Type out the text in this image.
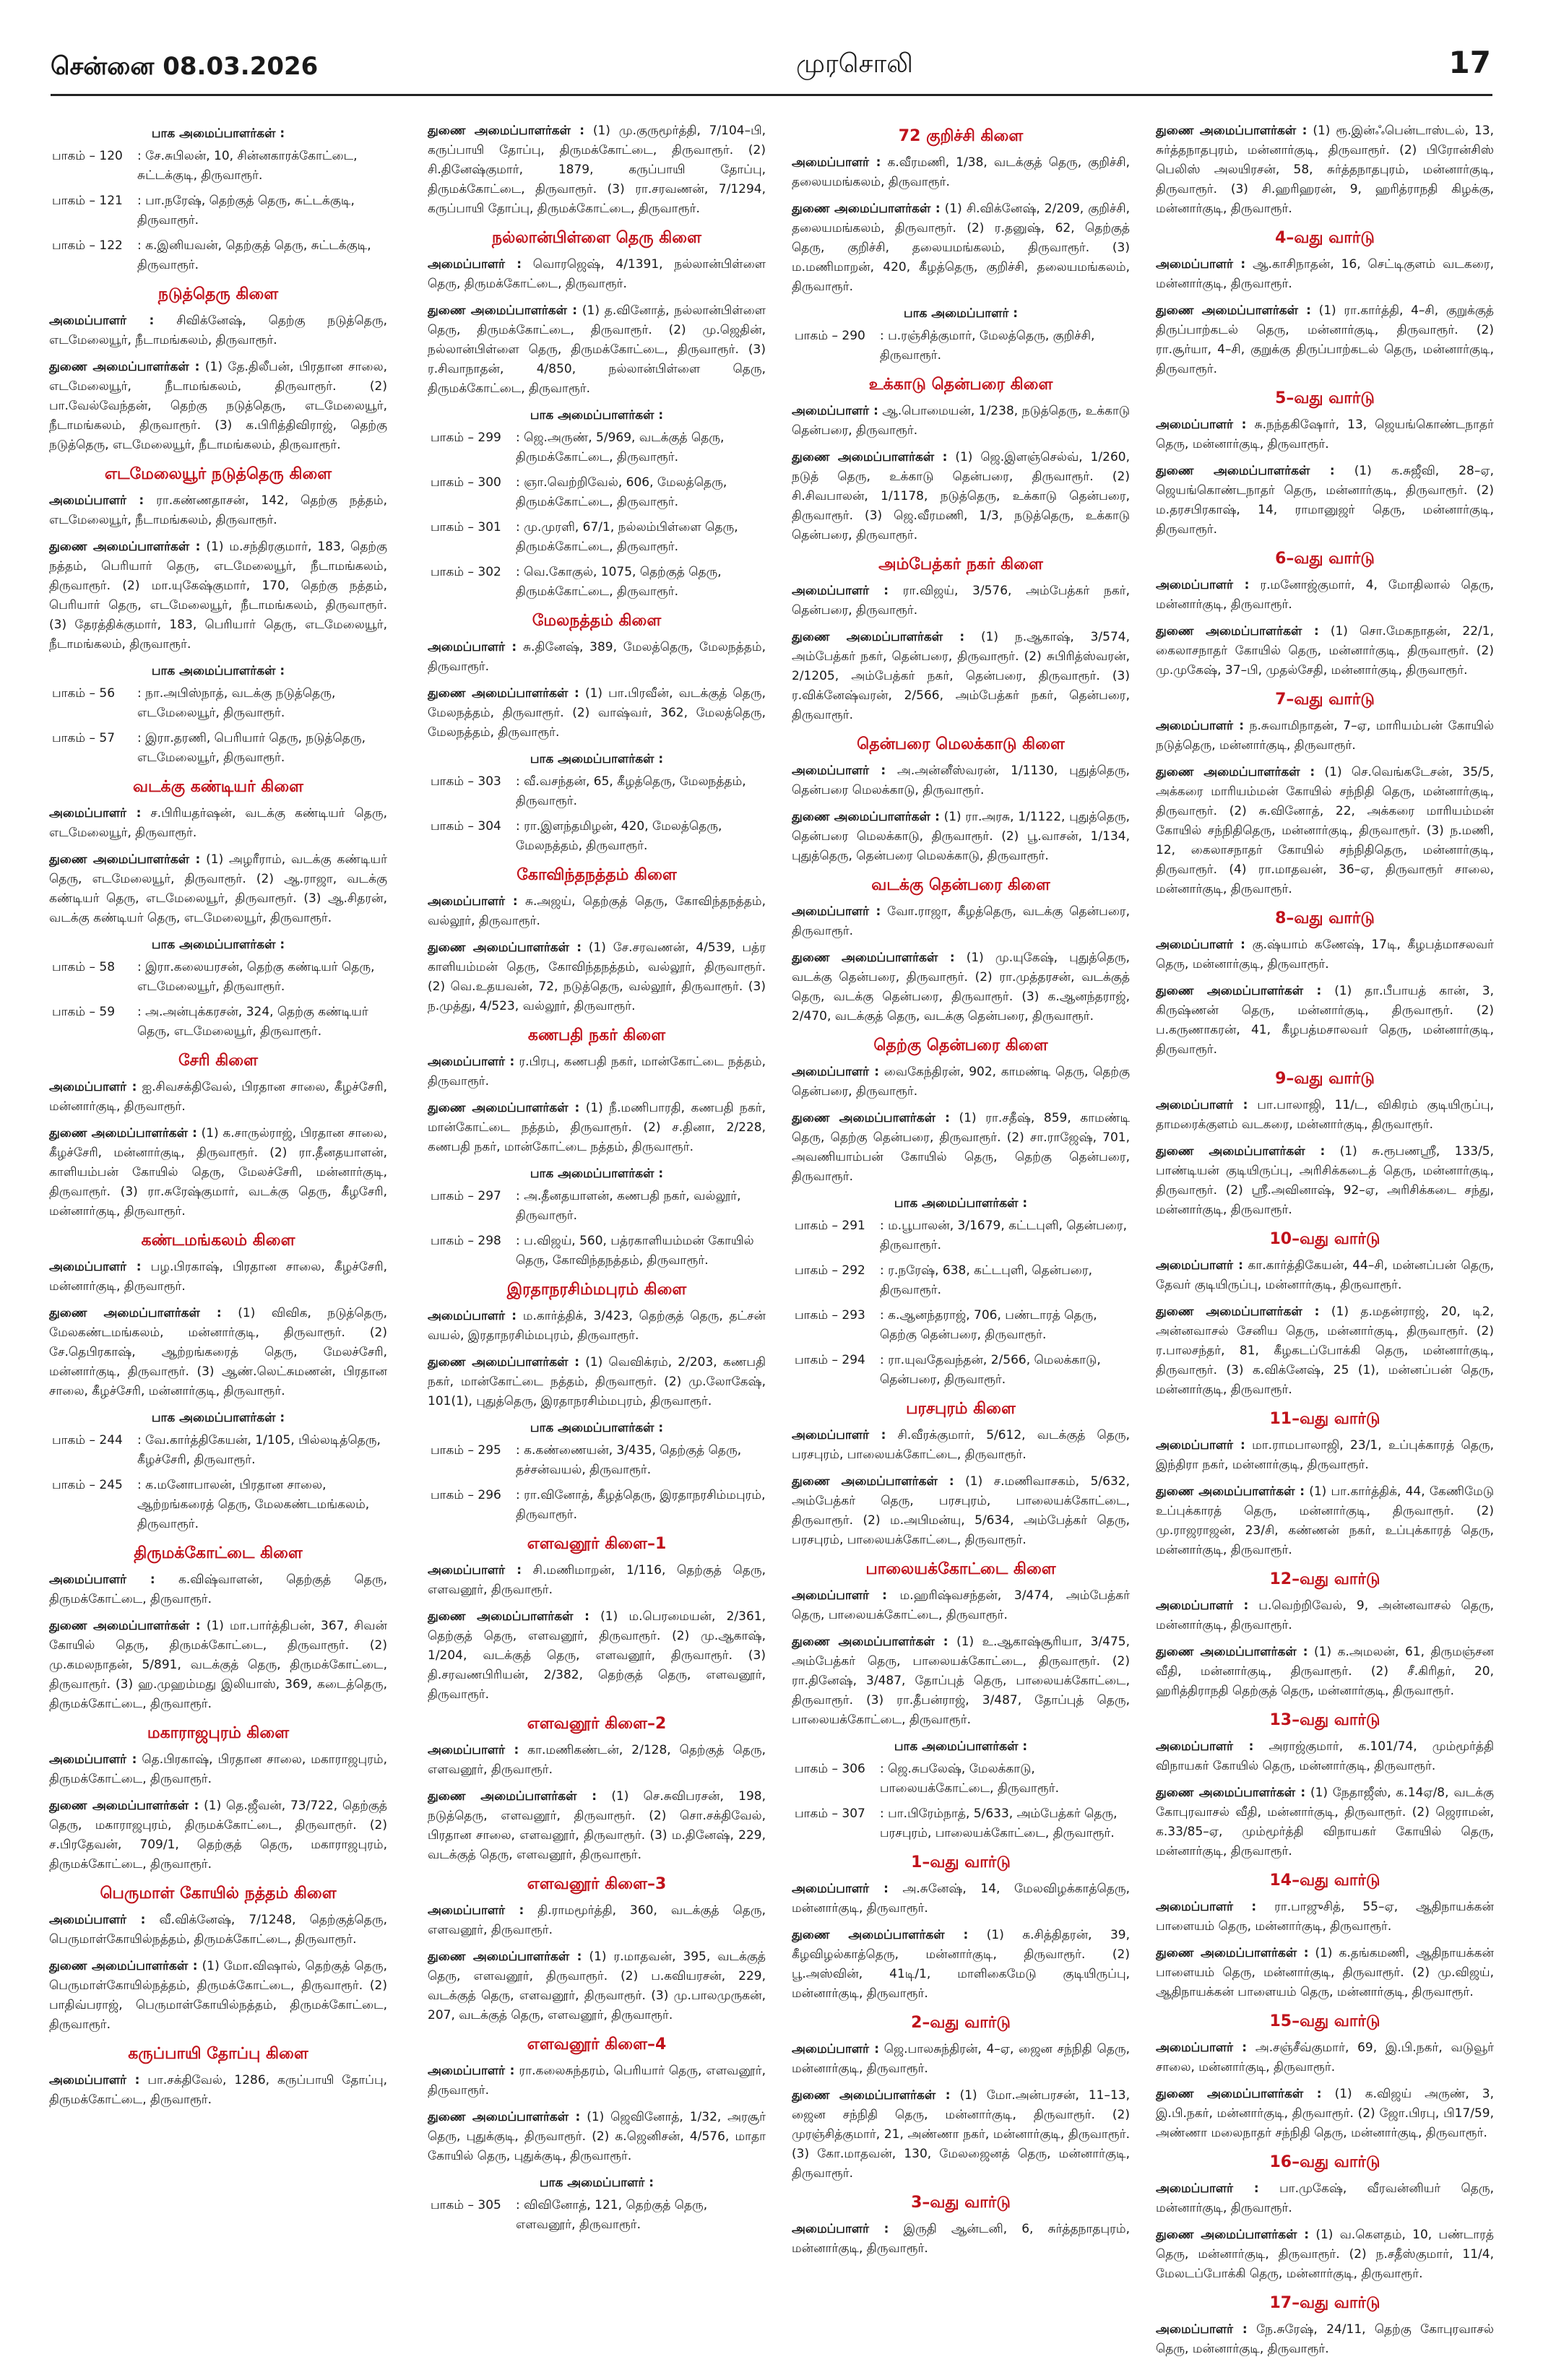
சென்னை 08.03.2026	முரசொலி	17
பாக அமைப்பாளர்கள் :
பாகம் – 120	: சே.சுபிலன், 10, சின்னகாரக்கோட்டை, சுட்டக்குடி, திருவாரூர்.
பாகம் – 121	: பா.நரேஷ், தெற்குத் தெரு, சுட்டக்குடி, திருவாரூர்.
பாகம் – 122	: க.இனியவன், தெற்குத் தெரு, சுட்டக்குடி, திருவாரூர்.
நடுத்தெரு கிளை

அமைப்பாளர் : சிவிக்னேஷ், தெற்கு நடுத்தெரு, எடமேலையூர், நீடாமங்கலம், திருவாரூர்.

துணை அமைப்பாளர்கள் : (1) தே.திலீபன், பிரதான சாலை, எடமேலையூர், நீடாமங்கலம், திருவாரூர். (2) பா.வேல்வேந்தன், தெற்கு நடுத்தெரு, எடமேலையூர், நீடாமங்கலம், திருவாரூர். (3) க.பிரித்திவிராஜ், தெற்கு நடுத்தெரு, எடமேலையூர், நீடாமங்கலம், திருவாரூர்.

எடமேலையூர் நடுத்தெரு கிளை

அமைப்பாளர் : ரா.கண்ணதாசன், 142, தெற்கு நத்தம், எடமேலையூர், நீடாமங்கலம், திருவாரூர்.

துணை அமைப்பாளர்கள் : (1) ம.சந்திரகுமார், 183, தெற்கு நத்தம், பெரியார் தெரு, எடமேலையூர், நீடாமங்கலம், திருவாரூர். (2) மா.யுகேஷ்குமார், 170, தெற்கு நத்தம், பெரியார் தெரு, எடமேலையூர், நீடாமங்கலம், திருவாரூர். (3) தேரத்திக்குமார், 183, பெரியார் தெரு, எடமேலையூர், நீடாமங்கலம், திருவாரூர்.

பாக அமைப்பாளர்கள் :
பாகம் – 56	: நா.அபிஸ்நாத், வடக்கு நடுத்தெரு, எடமேலையூர், திருவாரூர்.
பாகம் – 57	: இரா.தரணி, பெரியார் தெரு, நடுத்தெரு, எடமேலையூர், திருவாரூர்.
வடக்கு கண்டியர் கிளை

அமைப்பாளர் : ச.பிரியதர்ஷன், வடக்கு கண்டியர் தெரு, எடமேலையூர், திருவாரூர்.

துணை அமைப்பாளர்கள் : (1) அழரீராம், வடக்கு கண்டியர் தெரு, எடமேலையூர், திருவாரூர். (2) ஆ.ராஜா, வடக்கு கண்டியர் தெரு, எடமேலையூர், திருவாரூர். (3) ஆ.சிதரன், வடக்கு கண்டியர் தெரு, எடமேலையூர், திருவாரூர்.

பாக அமைப்பாளர்கள் :
பாகம் – 58	: இரா.கலையரசன், தெற்கு கண்டியர் தெரு, எடமேலையூர், திருவாரூர்.
பாகம் – 59	: அ.அன்புக்கரசன், 324, தெற்கு கண்டியர் தெரு, எடமேலையூர், திருவாரூர்.
சேரி கிளை

அமைப்பாளர் : ஐ.சிவசக்திவேல், பிரதான சாலை, கீழச்சேரி, மன்னார்குடி, திருவாரூர்.

துணை அமைப்பாளர்கள் : (1) க.சாருல்ராஜ், பிரதான சாலை, கீழச்சேரி, மன்னார்குடி, திருவாரூர். (2) ரா.தீனதயாளன், காளியம்பன் கோயில் தெரு, மேலச்சேரி, மன்னார்குடி, திருவாரூர். (3) ரா.சுரேஷ்குமார், வடக்கு தெரு, கீழசேரி, மன்னார்குடி, திருவாரூர்.

கண்டமங்கலம் கிளை

அமைப்பாளர் : பழ.பிரகாஷ், பிரதான சாலை, கீழச்சேரி, மன்னார்குடி, திருவாரூர்.

துணை அமைப்பாளர்கள் : (1) விவிக, நடுத்தெரு, மேலகண்டமங்கலம், மன்னார்குடி, திருவாரூர். (2) சே.தெபிரகாஷ், ஆற்றங்கரைத் தெரு, மேலச்சேரி, மன்னார்குடி, திருவாரூர். (3) ஆண்.லெட்சுமணன், பிரதான சாலை, கீழச்சேரி, மன்னார்குடி, திருவாரூர்.

பாக அமைப்பாளர்கள் :
பாகம் – 244	: வே.கார்த்திகேயன், 1/105, பில்லடித்தெரு, கீழச்சேரி, திருவாரூர்.
பாகம் – 245	: க.மனோபாலன், பிரதான சாலை, ஆற்றங்கரைத் தெரு, மேலகண்டமங்கலம், திருவாரூர்.
திருமக்கோட்டை கிளை

அமைப்பாளர் : க.விஷ்வாளன், தெற்குத் தெரு, திருமக்கோட்டை, திருவாரூர்.

துணை அமைப்பாளர்கள் : (1) மா.பார்த்திபன், 367, சிவன் கோயில் தெரு, திருமக்கோட்டை, திருவாரூர். (2) மு.கமலநாதன், 5/891, வடக்குத் தெரு, திருமக்கோட்டை, திருவாரூர். (3) ஹ.முஹம்மது இலியாஸ், 369, கடைத்தெரு, திருமக்கோட்டை, திருவாரூர்.

மகாராஜபுரம் கிளை

அமைப்பாளர் : தெ.பிரகாஷ், பிரதான சாலை, மகாராஜபுரம், திருமக்கோட்டை, திருவாரூர்.

துணை அமைப்பாளர்கள் : (1) தெ.ஜீவன், 73/722, தெற்குத் தெரு, மகாராஜபுரம், திருமக்கோட்டை, திருவாரூர். (2) ச.பிரதேவன், 709/1, தெற்குத் தெரு, மகாராஜபுரம், திருமக்கோட்டை, திருவாரூர்.

பெருமாள் கோயில் நத்தம் கிளை

அமைப்பாளர் : வீ.விக்னேஷ், 7/1248, தெற்குத்தெரு, பெருமாள்கோயில்நத்தம், திருமக்கோட்டை, திருவாரூர்.

துணை அமைப்பாளர்கள் : (1) மோ.விஷால், தெற்குத் தெரு, பெருமாள்கோயில்நத்தம், திருமக்கோட்டை, திருவாரூர். (2) பாதிவ்பராஜ், பெருமாள்கோயில்நத்தம், திருமக்கோட்டை, திருவாரூர்.

கருப்பாயி தோப்பு கிளை

அமைப்பாளர் : பா.சக்திவேல், 1286, கருப்பாயி தோப்பு, திருமக்கோட்டை, திருவாரூர்.

துணை அமைப்பாளர்கள் : (1) மு.குருமூர்த்தி, 7/104–பி, கருப்பாயி தோப்பு, திருமக்கோட்டை, திருவாரூர். (2) சி.தினேஷ்குமார், 1879, கருப்பாயி தோப்பு, திருமக்கோட்டை, திருவாரூர். (3) ரா.சரவணன், 7/1294, கருப்பாயி தோப்பு, திருமக்கோட்டை, திருவாரூர்.

நல்லான்பிள்ளை தெரு கிளை

அமைப்பாளர் : வொரஜெஷ், 4/1391, நல்லான்பிள்ளை தெரு, திருமக்கோட்டை, திருவாரூர்.

துணை அமைப்பாளர்கள் : (1) த.வினோத், நல்லான்பிள்ளை தெரு, திருமக்கோட்டை, திருவாரூர். (2) மு.ஜெதின், நல்லான்பிள்ளை தெரு, திருமக்கோட்டை, திருவாரூர். (3) ர.சிவாநாதன், 4/850, நல்லான்பிள்ளை தெரு, திருமக்கோட்டை, திருவாரூர்.

பாக அமைப்பாளர்கள் :
பாகம் – 299	: ஜெ.அருண், 5/969, வடக்குத் தெரு, திருமக்கோட்டை, திருவாரூர்.
பாகம் – 300	: ஞா.வெற்றிவேல், 606, மேலத்தெரு, திருமக்கோட்டை, திருவாரூர்.
பாகம் – 301	: மு.முரளி, 67/1, நல்லம்பிள்ளை தெரு, திருமக்கோட்டை, திருவாரூர்.
பாகம் – 302	: வெ.கோகுல், 1075, தெற்குத் தெரு, திருமக்கோட்டை, திருவாரூர்.
மேலநத்தம் கிளை

அமைப்பாளர் : சு.தினேஷ், 389, மேலத்தெரு, மேலநத்தம், திருவாரூர்.

துணை அமைப்பாளர்கள் : (1) பா.பிரவீன், வடக்குத் தெரு, மேலநத்தம், திருவாரூர். (2) வாஷ்வர், 362, மேலத்தெரு, மேலநத்தம், திருவாரூர்.

பாக அமைப்பாளர்கள் :
பாகம் – 303	: வீ.வசந்தன், 65, கீழத்தெரு, மேலநத்தம், திருவாரூர்.
பாகம் – 304	: ரா.இளந்தமிழன், 420, மேலத்தெரு, மேலநத்தம், திருவாரூர்.
கோவிந்தநத்தம் கிளை

அமைப்பாளர் : சு.அஜய், தெற்குத் தெரு, கோவிந்தநத்தம், வல்லூர், திருவாரூர்.

துணை அமைப்பாளர்கள் : (1) சே.சரவணன், 4/539, பத்ர காளியம்மன் தெரு, கோவிந்தநத்தம், வல்லூர், திருவாரூர். (2) வெ.உதயவன், 72, நடுத்தெரு, வல்லூர், திருவாரூர். (3) ந.முத்து, 4/523, வல்லூர், திருவாரூர்.

கணபதி நகர் கிளை

அமைப்பாளர் : ர.பிரபு, கணபதி நகர், மான்கோட்டை நத்தம், திருவாரூர்.

துணை அமைப்பாளர்கள் : (1) நீ.மணிபாரதி, கணபதி நகர், மான்கோட்டை நத்தம், திருவாரூர். (2) ச.தினா, 2/228, கணபதி நகர், மான்கோட்டை நத்தம், திருவாரூர்.

பாக அமைப்பாளர்கள் :
பாகம் – 297	: அ.தீனதயாளன், கணபதி நகர், வல்லூர், திருவாரூர்.
பாகம் – 298	: ப.விஜய், 560, பத்ரகாளியம்மன் கோயில் தெரு, கோவிந்தநத்தம், திருவாரூர்.
இரதாநரசிம்மபுரம் கிளை

அமைப்பாளர் : ம.கார்த்திக், 3/423, தெற்குத் தெரு, தட்சன் வயல், இரதாநரசிம்மபுரம், திருவாரூர்.

துணை அமைப்பாளர்கள் : (1) வெவிக்ரம், 2/203, கணபதி நகர், மான்கோட்டை நத்தம், திருவாரூர். (2) மு.லோகேஷ், 101(1), புதுத்தெரு, இரதாநரசிம்மபுரம், திருவாரூர்.

பாக அமைப்பாளர்கள் :
பாகம் – 295	: க.கண்ணையன், 3/435, தெற்குத் தெரு, தச்சன்வயல், திருவாரூர்.
பாகம் – 296	: ரா.வினோத், கீழத்தெரு, இரதாநரசிம்மபுரம், திருவாரூர்.
எளவனூர் கிளை–1

அமைப்பாளர் : சி.மணிமாறன், 1/116, தெற்குத் தெரு, எளவனூர், திருவாரூர்.

துணை அமைப்பாளர்கள் : (1) ம.பெரமையன், 2/361, தெற்குத் தெரு, எளவனூர், திருவாரூர். (2) மு.ஆகாஷ், 1/204, வடக்குத் தெரு, எளவனூர், திருவாரூர். (3) தி.சரவணபிரியன், 2/382, தெற்குத் தெரு, எளவனூர், திருவாரூர்.

எளவனூர் கிளை–2

அமைப்பாளர் : கா.மணிகண்டன், 2/128, தெற்குத் தெரு, எளவனூர், திருவாரூர்.

துணை அமைப்பாளர்கள் : (1) செ.சுவிபரசன், 198, நடுத்தெரு, எளவனூர், திருவாரூர். (2) சொ.சக்திவேல், பிரதான சாலை, எளவனூர், திருவாரூர். (3) ம.தினேஷ், 229, வடக்குத் தெரு, எளவனூர், திருவாரூர்.

எளவனூர் கிளை–3

அமைப்பாளர் : தி.ராமமூர்த்தி, 360, வடக்குத் தெரு, எளவனூர், திருவாரூர்.

துணை அமைப்பாளர்கள் : (1) ர.மாதவன், 395, வடக்குத் தெரு, எளவனூர், திருவாரூர். (2) ப.கவியரசன், 229, வடக்குத் தெரு, எளவனூர், திருவாரூர். (3) மு.பாலமுருகன், 207, வடக்குத் தெரு, எளவனூர், திருவாரூர்.

எளவனூர் கிளை–4

அமைப்பாளர் : ரா.கலைசுந்தரம், பெரியார் தெரு, எளவனூர், திருவாரூர்.

துணை அமைப்பாளர்கள் : (1) ஜெவினோத், 1/32, அரசூர் தெரு, புதுக்குடி, திருவாரூர். (2) க.ஜெனிசன், 4/576, மாதா கோயில் தெரு, புதுக்குடி, திருவாரூர்.

பாக அமைப்பாளர் :
பாகம் – 305	: விவினோத், 121, தெற்குத் தெரு, எளவனூர், திருவாரூர்.
72 குறிச்சி கிளை

அமைப்பாளர் : க.வீரமணி, 1/38, வடக்குத் தெரு, குறிச்சி, தலையமங்கலம், திருவாரூர்.

துணை அமைப்பாளர்கள் : (1) சி.விக்னேஷ், 2/209, குறிச்சி, தலையமங்கலம், திருவாரூர். (2) ர.தனுஷ், 62, தெற்குத் தெரு, குறிச்சி, தலையமங்கலம், திருவாரூர். (3) ம.மணிமாறன், 420, கீழத்தெரு, குறிச்சி, தலையமங்கலம், திருவாரூர்.

பாக அமைப்பாளர் :
பாகம் – 290	: ப.ரஞ்சித்குமார், மேலத்தெரு, குறிச்சி, திருவாரூர்.
உக்காடு தென்பரை கிளை

அமைப்பாளர் : ஆ.பொமையன், 1/238, நடுத்தெரு, உக்காடு தென்பரை, திருவாரூர்.

துணை அமைப்பாளர்கள் : (1) ஜெ.இளஞ்செல்வ், 1/260, நடுத் தெரு, உக்காடு தென்பரை, திருவாரூர். (2) சி.சிவபாலன், 1/1178, நடுத்தெரு, உக்காடு தென்பரை, திருவாரூர். (3) ஜெ.வீரமணி, 1/3, நடுத்தெரு, உக்காடு தென்பரை, திருவாரூர்.

அம்பேத்கர் நகர் கிளை

அமைப்பாளர் : ரா.விஜய், 3/576, அம்பேத்கர் நகர், தென்பரை, திருவாரூர்.

துணை அமைப்பாளர்கள் : (1) ந.ஆகாஷ், 3/574, அம்பேத்கர் நகர், தென்பரை, திருவாரூர். (2) சுபிரித்ஸ்வரன், 2/1205, அம்பேத்கர் நகர், தென்பரை, திருவாரூர். (3) ர.விக்னேஷ்வரன், 2/566, அம்பேத்கர் நகர், தென்பரை, திருவாரூர்.

தென்பரை மெலக்காடு கிளை

அமைப்பாளர் : அ.அன்னீஸ்வரன், 1/1130, புதுத்தெரு, தென்பரை மெலக்காடு, திருவாரூர்.

துணை அமைப்பாளர்கள் : (1) ரா.அரசு, 1/1122, புதுத்தெரு, தென்பரை மெலக்காடு, திருவாரூர். (2) பூ.வாசன், 1/134, புதுத்தெரு, தென்பரை மெலக்காடு, திருவாரூர்.

வடக்கு தென்பரை கிளை

அமைப்பாளர் : வோ.ராஜா, கீழத்தெரு, வடக்கு தென்பரை, திருவாரூர்.

துணை அமைப்பாளர்கள் : (1) மு.யுகேஷ், புதுத்தெரு, வடக்கு தென்பரை, திருவாரூர். (2) ரா.முத்தரசன், வடக்குத் தெரு, வடக்கு தென்பரை, திருவாரூர். (3) க.ஆனந்தராஜ், 2/470, வடக்குத் தெரு, வடக்கு தென்பரை, திருவாரூர்.

தெற்கு தென்பரை கிளை

அமைப்பாளர் : வைகேந்திரன், 902, காமண்டி தெரு, தெற்கு தென்பரை, திருவாரூர்.

துணை அமைப்பாளர்கள் : (1) ரா.சதீஷ், 859, காமண்டி தெரு, தெற்கு தென்பரை, திருவாரூர். (2) சா.ராஜேஷ், 701, அவணியாம்பன் கோயில் தெரு, தெற்கு தென்பரை, திருவாரூர்.

பாக அமைப்பாளர்கள் :
பாகம் – 291	: ம.பூபாலன், 3/1679, கட்டபுளி, தென்பரை, திருவாரூர்.
பாகம் – 292	: ர.நரேஷ், 638, கட்டபுளி, தென்பரை, திருவாரூர்.
பாகம் – 293	: க.ஆனந்தராஜ், 706, பண்டாரத் தெரு, தெற்கு தென்பரை, திருவாரூர்.
பாகம் – 294	: ரா.யுவதேவந்தன், 2/566, மெலக்காடு, தென்பரை, திருவாரூர்.
பரசபுரம் கிளை

அமைப்பாளர் : சி.வீரக்குமார், 5/612, வடக்குத் தெரு, பரசபுரம், பாலையக்கோட்டை, திருவாரூர்.

துணை அமைப்பாளர்கள் : (1) ச.மணிவாசகம், 5/632, அம்பேத்கர் தெரு, பரசபுரம், பாலையக்கோட்டை, திருவாரூர். (2) ம.அபிமன்யு, 5/634, அம்பேத்கர் தெரு, பரசபுரம், பாலையக்கோட்டை, திருவாரூர்.

பாலையக்கோட்டை கிளை

அமைப்பாளர் : ம.ஹரிஷ்வசந்தன், 3/474, அம்பேத்கர் தெரு, பாலையக்கோட்டை, திருவாரூர்.

துணை அமைப்பாளர்கள் : (1) உ.ஆகாஷ்சூரியா, 3/475, அம்பேத்கர் தெரு, பாலையக்கோட்டை, திருவாரூர். (2) ரா.தினேஷ், 3/487, தோப்புத் தெரு, பாலையக்கோட்டை, திருவாரூர். (3) ரா.தீபன்ராஜ், 3/487, தோப்புத் தெரு, பாலையக்கோட்டை, திருவாரூர்.

பாக அமைப்பாளர்கள் :
பாகம் – 306	: ஜெ.சுபலேஷ், மேலக்காடு, பாலையக்கோட்டை, திருவாரூர்.
பாகம் – 307	: பா.பிரேம்நாத், 5/633, அம்பேத்கர் தெரு, பரசபுரம், பாலையக்கோட்டை, திருவாரூர்.
1–வது வார்டு

அமைப்பாளர் : அ.சுனேஷ், 14, மேலவிழக்காத்தெரு, மன்னார்குடி, திருவாரூர்.

துணை அமைப்பாளர்கள் : (1) க.சித்திதரன், 39, கீழவிழல்காத்தெரு, மன்னார்குடி, திருவாரூர். (2) பூ.அஸ்வின், 41டி/1, மாளிகைமேடு குடியிருப்பு, மன்னார்குடி, திருவாரூர்.

2–வது வார்டு

அமைப்பாளர் : ஜெ.பாலசுந்திரன், 4–ஏ, ஜைன சந்நிதி தெரு, மன்னார்குடி, திருவாரூர்.

துணை அமைப்பாளர்கள் : (1) மோ.அன்பரசன், 11–13, ஜைன சந்நிதி தெரு, மன்னார்குடி, திருவாரூர். (2) முரஞ்சித்குமார், 21, அண்ணா நகர், மன்னார்குடி, திருவாரூர். (3) கோ.மாதவன், 130, மேலஜைனத் தெரு, மன்னார்குடி, திருவாரூர்.

3–வது வார்டு

அமைப்பாளர் : இருதி ஆன்டனி, 6, சுர்த்தநாதபுரம், மன்னார்குடி, திருவாரூர்.

துணை அமைப்பாளர்கள் : (1) ரூ.இன்ஃபென்டாஸ்டல், 13, சுர்த்தநாதபுரம், மன்னார்குடி, திருவாரூர். (2) பிரோன்சிஸ் பெலிஸ் அலயிரசன், 58, சுர்த்தநாதபுரம், மன்னார்குடி, திருவாரூர். (3) சி.ஹரிஹரன், 9, ஹரித்ராநதி கிழக்கு, மன்னார்குடி, திருவாரூர்.

4–வது வார்டு

அமைப்பாளர் : ஆ.காசிநாதன், 16, செட்டிகுளம் வடகரை, மன்னார்குடி, திருவாரூர்.

துணை அமைப்பாளர்கள் : (1) ரா.கார்த்தி, 4–சி, குறுக்குத் திருப்பாற்கடல் தெரு, மன்னார்குடி, திருவாரூர். (2) ரா.சூர்யா, 4–சி, குறுக்கு திருப்பாற்கடல் தெரு, மன்னார்குடி, திருவாரூர்.

5–வது வார்டு

அமைப்பாளர் : சு.நந்தகிஷோர், 13, ஜெயங்கொண்டநாதர் தெரு, மன்னார்குடி, திருவாரூர்.

துணை அமைப்பாளர்கள் : (1) க.சுஜீவி, 28–ஏ, ஜெயங்கொண்டநாதர் தெரு, மன்னார்குடி, திருவாரூர். (2) ம.தரசபிரகாஷ், 14, ராமானுஜர் தெரு, மன்னார்குடி, திருவாரூர்.

6–வது வார்டு

அமைப்பாளர் : ர.மனோஜ்குமார், 4, மோதிலால் தெரு, மன்னார்குடி, திருவாரூர்.

துணை அமைப்பாளர்கள் : (1) சொ.மேகநாதன், 22/1, கைலாசநாதர் கோயில் தெரு, மன்னார்குடி, திருவாரூர். (2) மு.முகேஷ், 37–பி, முதல்சேதி, மன்னார்குடி, திருவாரூர்.

7–வது வார்டு

அமைப்பாளர் : ந.சுவாமிநாதன், 7–ஏ, மாரியம்பன் கோயில் நடுத்தெரு, மன்னார்குடி, திருவாரூர்.

துணை அமைப்பாளர்கள் : (1) செ.வெங்கடேசன், 35/5, அக்கரை மாரியம்மன் கோயில் சந்நிதி தெரு, மன்னார்குடி, திருவாரூர். (2) சு.வினோத், 22, அக்கரை மாரியம்மன் கோயில் சந்நிதிதெரு, மன்னார்குடி, திருவாரூர். (3) ந.மணி, 12, கைலாசநாதர் கோயில் சந்நிதிதெரு, மன்னார்குடி, திருவாரூர். (4) ரா.மாதவன், 36–ஏ, திருவாரூர் சாலை, மன்னார்குடி, திருவாரூர்.

8–வது வார்டு

அமைப்பாளர் : கு.ஷ்யாம் கணேஷ், 17டி, கீழபத்மாசலவர் தெரு, மன்னார்குடி, திருவாரூர்.

துணை அமைப்பாளர்கள் : (1) தா.பீபாயத் கான், 3, கிருஷ்ணன் தெரு, மன்னார்குடி, திருவாரூர். (2) ப.கருணாகரன், 41, கீழபத்மசாலவர் தெரு, மன்னார்குடி, திருவாரூர்.

9–வது வார்டு

அமைப்பாளர் : பா.பாலாஜி, 11/ட, விகிரம் குடியிருப்பு, தாமரைக்குளம் வடகரை, மன்னார்குடி, திருவாரூர்.

துணை அமைப்பாளர்கள் : (1) சு.ரூபணஸ்ரீ, 133/5, பாண்டியன் குடியிருப்பு, அரிசிக்கடைத் தெரு, மன்னார்குடி, திருவாரூர். (2) ஸ்ரீ.அவினாஷ், 92–ஏ, அரிசிக்கடை சந்து, மன்னார்குடி, திருவாரூர்.

10–வது வார்டு

அமைப்பாளர் : கா.கார்த்திகேயன், 44–சி, மன்னப்பன் தெரு, தேவர் குடியிருப்பு, மன்னார்குடி, திருவாரூர்.

துணை அமைப்பாளர்கள் : (1) த.மதன்ராஜ், 20, டி2, அன்னவாசல் சேனிய தெரு, மன்னார்குடி, திருவாரூர். (2) ர.பாலசந்தர், 81, கீழகடப்போக்கி தெரு, மன்னார்குடி, திருவாரூர். (3) க.விக்னேஷ், 25 (1), மன்னப்பன் தெரு, மன்னார்குடி, திருவாரூர்.

11–வது வார்டு

அமைப்பாளர் : மா.ராமபாலாஜி, 23/1, உப்புக்காரத் தெரு, இந்திரா நகர், மன்னார்குடி, திருவாரூர்.

துணை அமைப்பாளர்கள் : (1) பா.கார்த்திக், 44, கேணிமேடு உப்புக்காரத் தெரு, மன்னார்குடி, திருவாரூர். (2) மு.ராஜராஜன், 23/சி, கண்ணன் நகர், உப்புக்காரத் தெரு, மன்னார்குடி, திருவாரூர்.

12–வது வார்டு

அமைப்பாளர் : ப.வெற்றிவேல், 9, அன்னவாசல் தெரு, மன்னார்குடி, திருவாரூர்.

துணை அமைப்பாளர்கள் : (1) க.அமலன், 61, திருமஞ்சன வீதி, மன்னார்குடி, திருவாரூர். (2) சீ.கிரிதர், 20, ஹரித்திராநதி தெற்குத் தெரு, மன்னார்குடி, திருவாரூர்.

13–வது வார்டு

அமைப்பாளர் : அராஜ்குமார், க.101/74, மும்மூர்த்தி விநாயகர் கோயில் தெரு, மன்னார்குடி, திருவாரூர்.

துணை அமைப்பாளர்கள் : (1) நேதாஜீஸ், க.14ஏ/8, வடக்கு கோபுரவாசல் வீதி, மன்னார்குடி, திருவாரூர். (2) ஜெராமன், க.33/85–ஏ, மும்மூர்த்தி விநாயகர் கோயில் தெரு, மன்னார்குடி, திருவாரூர்.

14–வது வார்டு

அமைப்பாளர் : ரா.பாஜுசித், 55–ஏ, ஆதிநாயக்கன் பாளையம் தெரு, மன்னார்குடி, திருவாரூர்.

துணை அமைப்பாளர்கள் : (1) க.தங்கமணி, ஆதிநாயக்கன் பாளையம் தெரு, மன்னார்குடி, திருவாரூர். (2) மு.விஜய், ஆதிநாயக்கன் பாளையம் தெரு, மன்னார்குடி, திருவாரூர்.

15–வது வார்டு

அமைப்பாளர் : அ.சஞ்சீவ்குமார், 69, இ.பி.நகர், வடுவூர் சாலை, மன்னார்குடி, திருவாரூர்.

துணை அமைப்பாளர்கள் : (1) க.விஜய் அருண், 3, இ.பி.நகர், மன்னார்குடி, திருவாரூர். (2) ஜோ.பிரபு, பி17/59, அண்ணா மலைநாதர் சந்நிதி தெரு, மன்னார்குடி, திருவாரூர்.

16–வது வார்டு

அமைப்பாளர் : பா.முகேஷ், வீரவன்னியர் தெரு, மன்னார்குடி, திருவாரூர்.

துணை அமைப்பாளர்கள் : (1) வ.கௌதம், 10, பண்டாரத் தெரு, மன்னார்குடி, திருவாரூர். (2) ந.சதீஸ்குமார், 11/4, மேலடப்போக்கி தெரு, மன்னார்குடி, திருவாரூர்.

17–வது வார்டு

அமைப்பாளர் : நே.சுரேஷ், 24/11, தெற்கு கோபுரவாசல் தெரு, மன்னார்குடி, திருவாரூர்.
